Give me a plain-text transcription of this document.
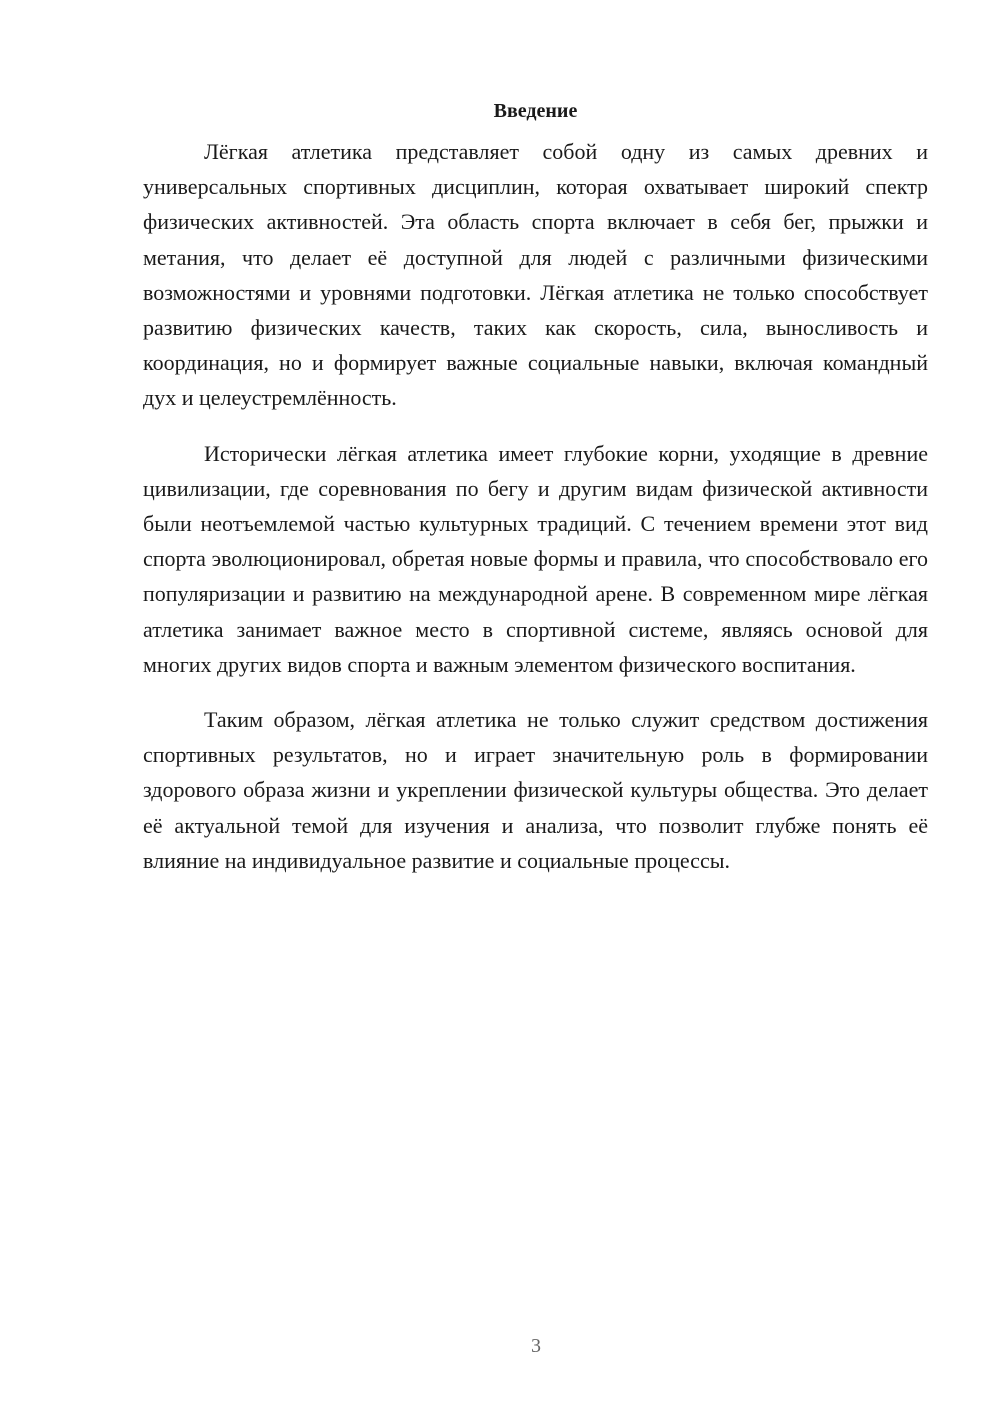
Введение

Лёгкая атлетика представляет собой одну из самых древних и универсальных спортивных дисциплин, которая охватывает широкий спектр физических активностей. Эта область спорта включает в себя бег, прыжки и метания, что делает её доступной для людей с различными физическими возможностями и уровнями подготовки. Лёгкая атлетика не только способствует развитию физических качеств, таких как скорость, сила, выносливость и координация, но и формирует важные социальные навыки, включая командный дух и целеустремлённость.

Исторически лёгкая атлетика имеет глубокие корни, уходящие в древние цивилизации, где соревнования по бегу и другим видам физической активности были неотъемлемой частью культурных традиций. С течением времени этот вид спорта эволюционировал, обретая новые формы и правила, что способствовало его популяризации и развитию на международной арене. В современном мире лёгкая атлетика занимает важное место в спортивной системе, являясь основой для многих других видов спорта и важным элементом физического воспитания.

Таким образом, лёгкая атлетика не только служит средством достижения спортивных результатов, но и играет значительную роль в формировании здорового образа жизни и укреплении физической культуры общества. Это делает её актуальной темой для изучения и анализа, что позволит глубже понять её влияние на индивидуальное развитие и социальные процессы.

3
